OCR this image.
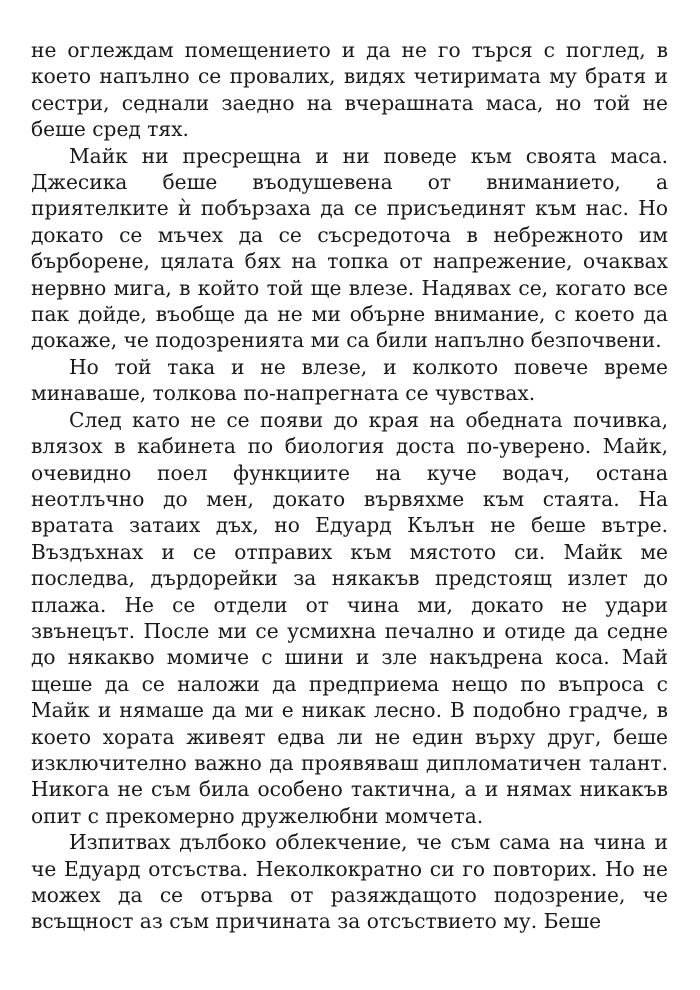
не оглеждам помещението и да не го търся с поглед, в което напълно се провалих, видях четиримата му братя и сестри, седнали заедно на вчерашната маса, но той не беше сред тях.

Майк ни пресрещна и ни поведе към своята маса. Джесика беше въодушевена от вниманието, а приятелките ѝ побързаха да се присъединят към нас. Но докато се мъчех да се съсредоточа в небрежното им бърборене, цялата бях на топка от напрежение, очаквах нервно мига, в който той ще влезе. Надявах се, когато все пак дойде, въобще да не ми обърне внимание, с което да докаже, че подозренията ми са били напълно безпочвени.

Но той така и не влезе, и колкото повече време минаваше, толкова по-напрегната се чувствах.

След като не се появи до края на обедната почивка, влязох в кабинета по биология доста по-уверено. Майк, очевидно поел функциите на куче водач, остана неотлъчно до мен, докато вървяхме към стаята. На вратата затаих дъх, но Едуард Кълън не беше вътре. Въздъхнах и се отправих към мястото си. Майк ме последва, дърдорейки за някакъв предстоящ излет до плажа. Не се отдели от чина ми, докато не удари звънецът. После ми се усмихна печално и отиде да седне до някакво момиче с шини и зле накъдрена коса. Май щеше да се наложи да предприема нещо по въпроса с Майк и нямаше да ми е никак лесно. В подобно градче, в което хората живеят едва ли не един върху друг, беше изключително важно да проявяваш дипломатичен талант. Никога не съм била особено тактична, а и нямах никакъв опит с прекомерно дружелюбни момчета.

Изпитвах дълбоко облекчение, че съм сама на чина и че Едуард отсъства. Неколкократно си го повторих. Но не можех да се отърва от разяждащото подозрение, че всъщност аз съм причината за отсъствието му. Беше
